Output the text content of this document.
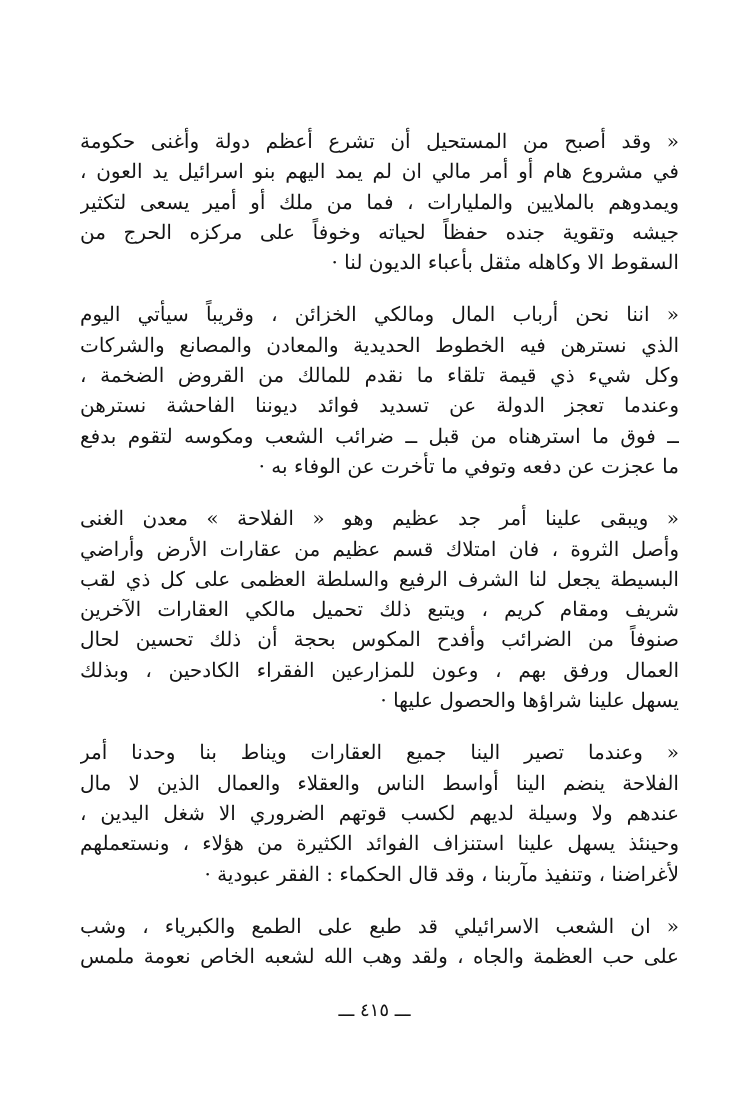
« وقد أصبح من المستحيل أن تشرع أعظم دولة وأغنى حكومة
في مشروع هام أو أمر مالي ان لم يمد اليهم بنو اسرائيل يد العون ،
ويمدوهم بالملايين والمليارات ، فما من ملك أو أمير يسعى لتكثير
جيشه وتقوية جنده حفظاً لحياته وخوفاً على مركزه الحرج من
السقوط الا وكاهله مثقل بأعباء الديون لنا ·
« اننا نحن أرباب المال ومالكي الخزائن ، وقريباً سيأتي اليوم
الذي نسترهن فيه الخطوط الحديدية والمعادن والمصانع والشركات
وكل شيء ذي قيمة تلقاء ما نقدم للمالك من القروض الضخمة ،
وعندما تعجز الدولة عن تسديد فوائد ديوننا الفاحشة نسترهن
ــ فوق ما استرهناه من قبل ــ ضرائب الشعب ومكوسه لتقوم بدفع
ما عجزت عن دفعه وتوفي ما تأخرت عن الوفاء به ·
« ويبقى علينا أمر جد عظيم وهو « الفلاحة » معدن الغنى
وأصل الثروة ، فان امتلاك قسم عظيم من عقارات الأرض وأراضي
البسيطة يجعل لنا الشرف الرفيع والسلطة العظمى على كل ذي لقب
شريف ومقام كريم ، ويتبع ذلك تحميل مالكي العقارات الآخرين
صنوفاً من الضرائب وأفدح المكوس بحجة أن ذلك تحسين لحال
العمال ورفق بهم ، وعون للمزارعين الفقراء الكادحين ، وبذلك
يسهل علينا شراؤها والحصول عليها ·
« وعندما تصير الينا جميع العقارات ويناط بنا وحدنا أمر
الفلاحة ينضم الينا أواسط الناس والعقلاء والعمال الذين لا مال
عندهم ولا وسيلة لديهم لكسب قوتهم الضروري الا شغل اليدين ،
وحينئذ يسهل علينا استنزاف الفوائد الكثيرة من هؤلاء ، ونستعملهم
لأغراضنا ، وتنفيذ مآربنا ، وقد قال الحكماء : الفقر عبودية ·
« ان الشعب الاسرائيلي قد طبع على الطمع والكبرياء ، وشب
على حب العظمة والجاه ، ولقد وهب الله لشعبه الخاص نعومة ملمس
ـــ ٤١٥ ـــ
